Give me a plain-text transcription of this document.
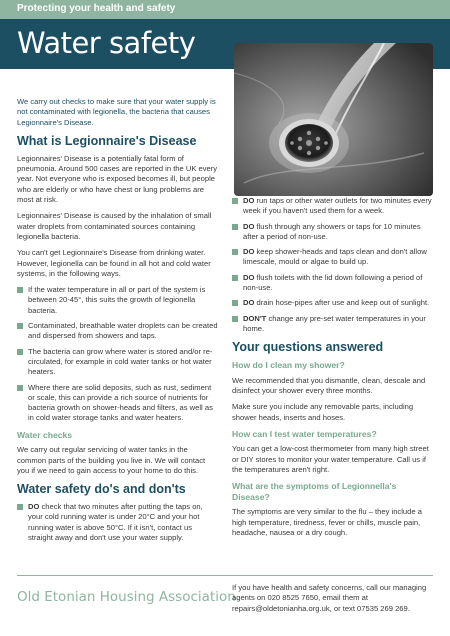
Protecting your health and safety
Water safety

We carry out checks to make sure that your water supply is not contaminated with legionella, the bacteria that causes Legionnaire's Disease.

What is Legionnaire's Disease

Legionnaires' Disease is a potentially fatal form of pneumonia. Around 500 cases are reported in the UK every year. Not everyone who is exposed becomes ill, but people who are elderly or who have chest or lung problems are most at risk.

Legionnaires' Disease is caused by the inhalation of small water droplets from contaminated sources containing legionella bacteria.

You can't get Legionnaire's Disease from drinking water. However, legionella can be found in all hot and cold water systems, in the following ways.

If the water temperature in all or part of the system is between 20-45°, this suits the growth of legionella bacteria.
Contaminated, breathable water droplets can be created and dispersed from showers and taps.
The bacteria can grow where water is stored and/or re-circulated, for example in cold water tanks or hot water heaters.
Where there are solid deposits, such as rust, sediment or scale, this can provide a rich source of nutrients for bacteria growth on shower-heads and filters, as well as in cold water storage tanks and water heaters.
Water checks

We carry out regular servicing of water tanks in the common parts of the building you live in. We will contact you if we need to gain access to your home to do this.

Water safety do's and don'ts
DO check that two minutes after putting the taps on, your cold running water is under 20°C and your hot running water is above 50°C. If it isn't, contact us straight away and don't use your water supply.
DO run taps or other water outlets for two minutes every week if you haven't used them for a week.
DO flush through any showers or taps for 10 minutes after a period of non-use.
DO keep shower-heads and taps clean and don't allow limescale, mould or algae to build up.
DO flush toilets with the lid down following a period of non-use.
DO drain hose-pipes after use and keep out of sunlight.
DON'T change any pre-set water temperatures in your home.
Your questions answered
How do I clean my shower?

We recommended that you dismantle, clean, descale and disinfect your shower every three months.

Make sure you include any removable parts, including shower heads, inserts and hoses.

How can I test water temperatures?

You can get a low-cost thermometer from many high street or DIY stores to monitor your water temperature. Call us if the temperatures aren't right.

What are the symptoms of Legionnella's Disease?

The symptoms are very similar to the flu – they include a high temperature, tiredness, fever or chills, muscle pain, headache, nausea or a dry cough.

Old Etonian Housing Association
If you have health and safety concerns, call our managing agents on 020 8525 7650, email them at repairs@oldetonianha.org.uk, or text 07535 269 269.
